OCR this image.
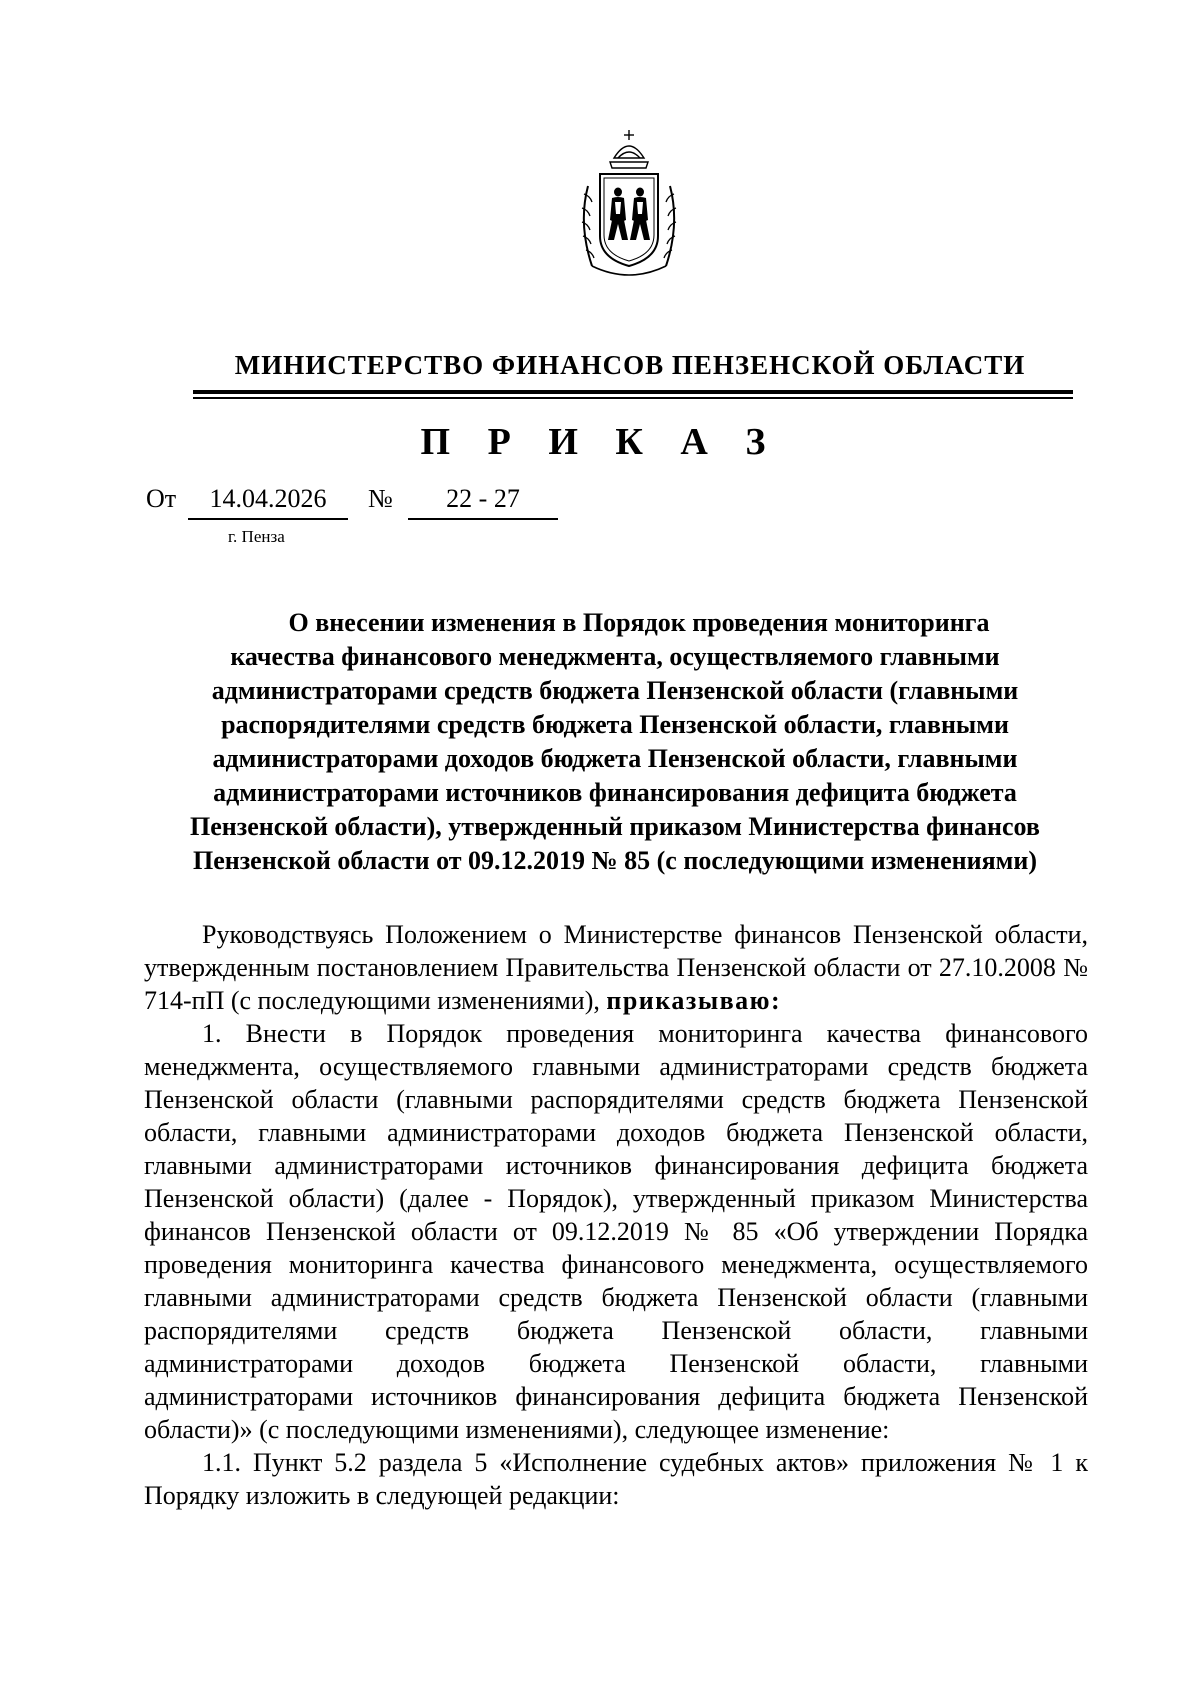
МИНИСТЕРСТВО ФИНАНСОВ ПЕНЗЕНСКОЙ ОБЛАСТИ
П Р И К А З
От	14.04.2026	№	22 - 27
г. Пенза
О внесении изменения в Порядок проведения мониторинга
качества финансового менеджмента, осуществляемого главными
администраторами средств бюджета Пензенской области (главными
распорядителями средств бюджета Пензенской области, главными
администраторами доходов бюджета Пензенской области, главными
администраторами источников финансирования дефицита бюджета
Пензенской области), утвержденный приказом Министерства финансов
Пензенской области от 09.12.2019 № 85 (с последующими изменениями)

Руководствуясь Положением о Министерстве финансов Пензенской области, утвержденным постановлением Правительства Пензенской области от 27.10.2008 № 714-пП (с последующими изменениями), приказываю:

1. Внести в Порядок проведения мониторинга качества финансового менеджмента, осуществляемого главными администраторами средств бюджета Пензенской области (главными распорядителями средств бюджета Пензенской области, главными администраторами доходов бюджета Пензенской области, главными администраторами источников финансирования дефицита бюджета Пензенской области) (далее - Порядок), утвержденный приказом Министерства финансов Пензенской области от 09.12.2019 № 85 «Об утверждении Порядка проведения мониторинга качества финансового менеджмента, осуществляемого главными администраторами средств бюджета Пензенской области (главными распорядителями средств бюджета Пензенской области, главными администраторами доходов бюджета Пензенской области, главными администраторами источников финансирования дефицита бюджета Пензенской области)» (с последующими изменениями), следующее изменение:

1.1. Пункт 5.2 раздела 5 «Исполнение судебных актов» приложения № 1 к Порядку изложить в следующей редакции:
